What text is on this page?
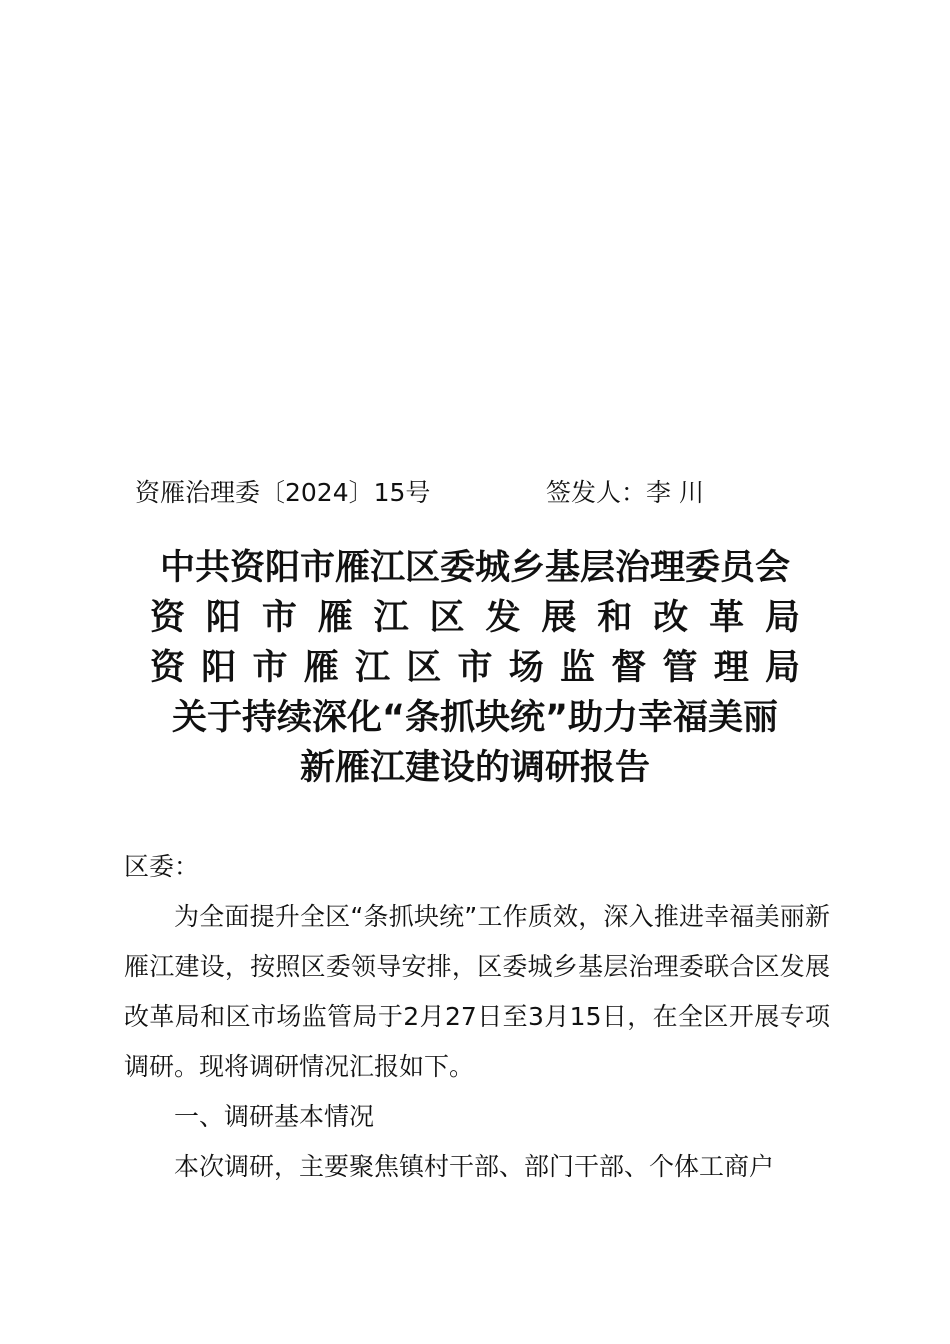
资雁治理委〔2024〕15号	签发人：李 川
中共资阳市雁江区委城乡基层治理委员会
资阳市雁江区发展和改革局
资阳市雁江区市场监督管理局
关于持续深化“条抓块统”助力幸福美丽
新雁江建设的调研报告
区委：
为全面提升全区“条抓块统”工作质效，深入推进幸福美丽新雁江建设，按照区委领导安排，区委城乡基层治理委联合区发展改革局和区市场监管局于2月27日至3月15日，在全区开展专项调研。现将调研情况汇报如下。
一、调研基本情况
本次调研，主要聚焦镇村干部、部门干部、个体工商户
